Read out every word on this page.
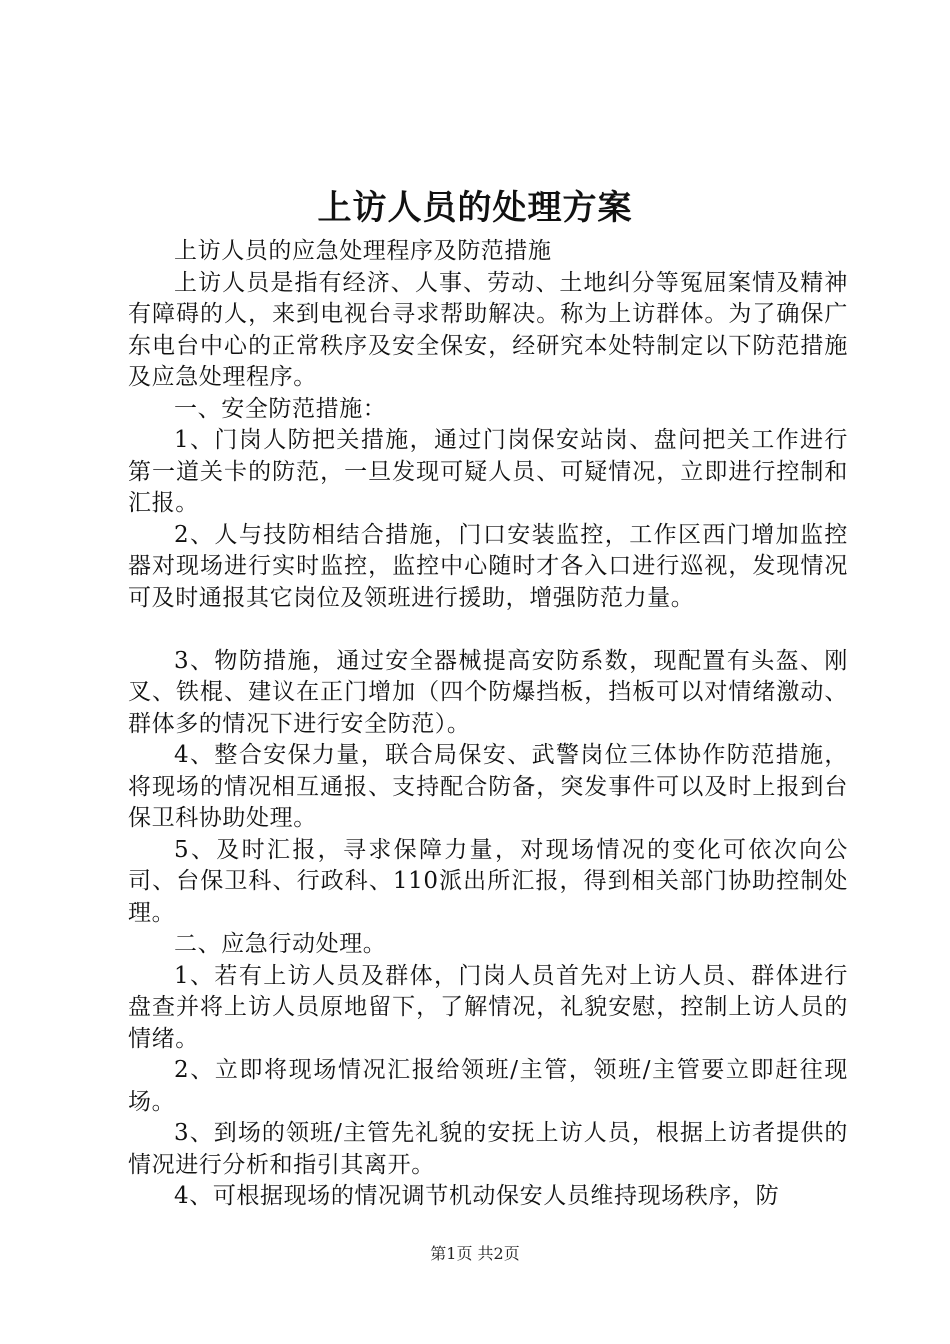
上访人员的处理方案

上访人员的应急处理程序及防范措施

上访人员是指有经济、人事、劳动、土地纠分等冤屈案情及精神有障碍的人，来到电视台寻求帮助解决。称为上访群体。为了确保广东电台中心的正常秩序及安全保安，经研究本处特制定以下防范措施及应急处理程序。

一、安全防范措施：

1、门岗人防把关措施，通过门岗保安站岗、盘问把关工作进行第一道关卡的防范，一旦发现可疑人员、可疑情况，立即进行控制和汇报。

2、人与技防相结合措施，门口安装监控，工作区西门增加监控器对现场进行实时监控，监控中心随时才各入口进行巡视，发现情况可及时通报其它岗位及领班进行援助，增强防范力量。

3、物防措施，通过安全器械提高安防系数，现配置有头盔、刚叉、铁棍、建议在正门增加（四个防爆挡板，挡板可以对情绪激动、群体多的情况下进行安全防范）。

4、整合安保力量，联合局保安、武警岗位三体协作防范措施，将现场的情况相互通报、支持配合防备，突发事件可以及时上报到台保卫科协助处理。

5、及时汇报，寻求保障力量，对现场情况的变化可依次向公司、台保卫科、行政科、110派出所汇报，得到相关部门协助控制处理。

二、应急行动处理。

1、若有上访人员及群体，门岗人员首先对上访人员、群体进行盘查并将上访人员原地留下，了解情况，礼貌安慰，控制上访人员的情绪。

2、立即将现场情况汇报给领班/主管，领班/主管要立即赶往现场。

3、到场的领班/主管先礼貌的安抚上访人员，根据上访者提供的情况进行分析和指引其离开。

4、可根据现场的情况调节机动保安人员维持现场秩序，防

第1页 共2页
